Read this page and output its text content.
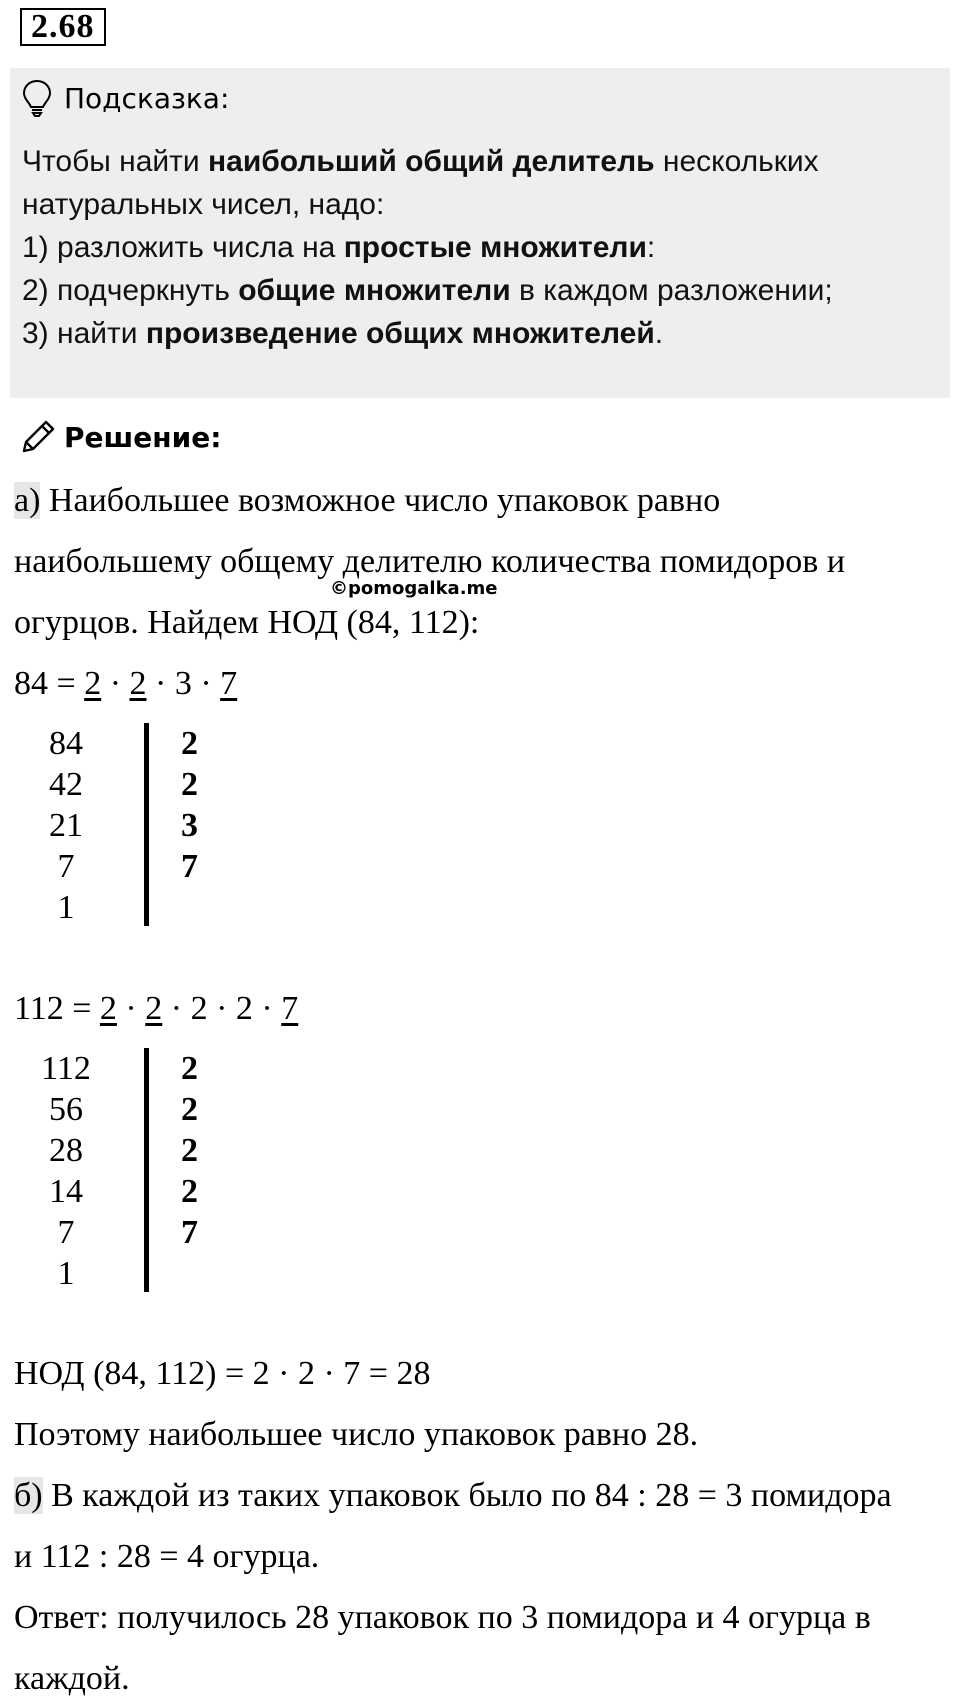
2.68
Подсказка:

Чтобы найти наибольший общий делитель нескольких

натуральных чисел, надо:

1) разложить числа на простые множители:

2) подчеркнуть общие множители в каждом разложении;

3) найти произведение общих множителей.

Решение:
а) Наибольшее возможное число упаковок равно
наибольшему общему делителю количества помидоров и
©pomogalka.me
огурцов. Найдем НОД (84, 112):
84 = 2 · 2 · 3 · 7
84	2
42	2
21	3
7	7
1
112 = 2 · 2 · 2 · 2 · 7
112	2
56	2
28	2
14	2
7	7
1
НОД (84, 112) = 2 · 2 · 7 = 28
Поэтому наибольшее число упаковок равно 28.
б) В каждой из таких упаковок было по 84 : 28 = 3 помидора
и 112 : 28 = 4 огурца.
Ответ: получилось 28 упаковок по 3 помидора и 4 огурца в
каждой.
